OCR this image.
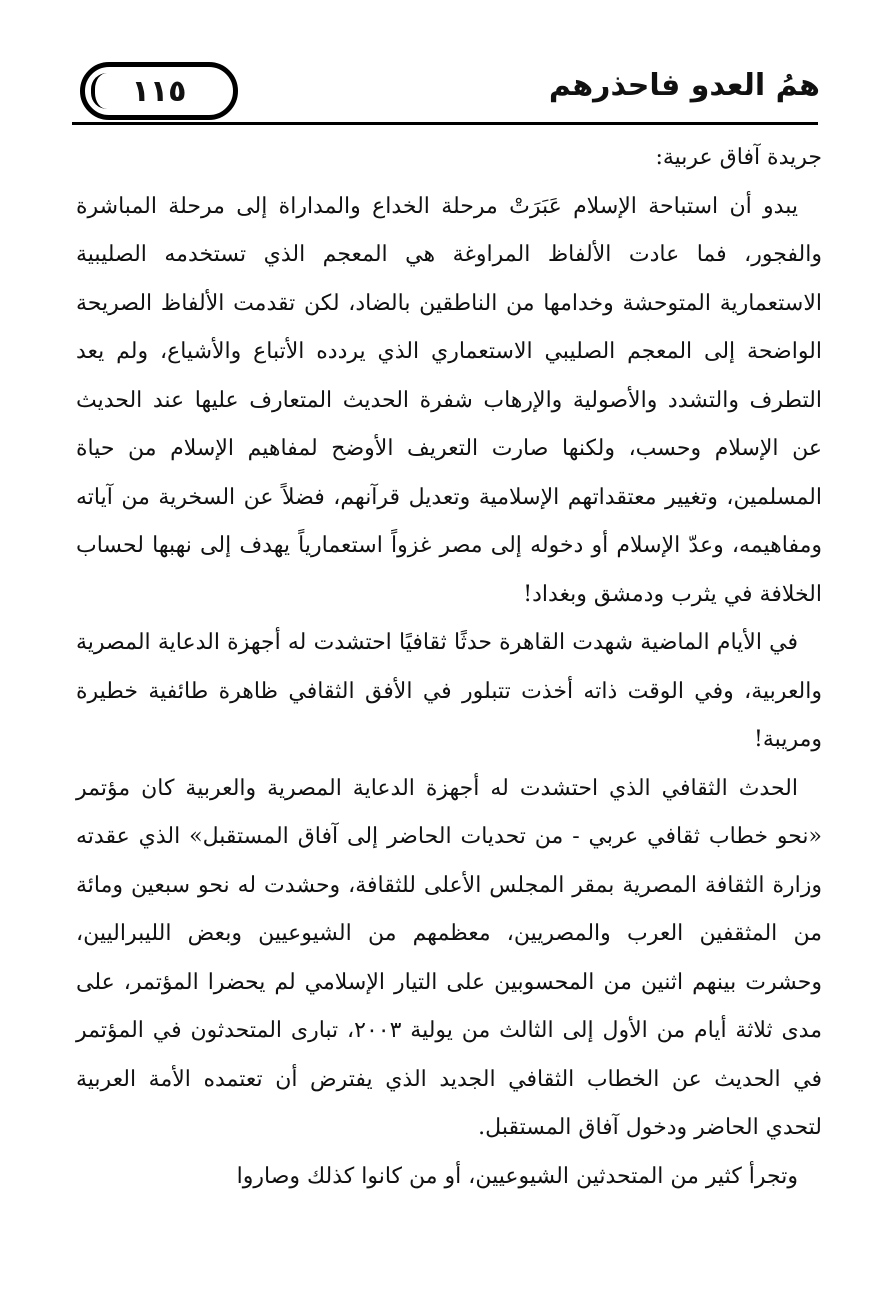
١١٥	همُ العدو فاحذرهم

جريدة آفاق عربية:

يبدو أن استباحة الإسلام عَبَرَتْ مرحلة الخداع والمداراة إلى مرحلة المباشرة والفجور، فما عادت الألفاظ المراوغة هي المعجم الذي تستخدمه الصليبية الاستعمارية المتوحشة وخدامها من الناطقين بالضاد، لكن تقدمت الألفاظ الصريحة الواضحة إلى المعجم الصليبي الاستعماري الذي يردده الأتباع والأشياع، ولم يعد التطرف والتشدد والأصولية والإرهاب شفرة الحديث المتعارف عليها عند الحديث عن الإسلام وحسب، ولكنها صارت التعريف الأوضح لمفاهيم الإسلام من حياة المسلمين، وتغيير معتقداتهم الإسلامية وتعديل قرآنهم، فضلاً عن السخرية من آياته ومفاهيمه، وعدّ الإسلام أو دخوله إلى مصر غزواً استعمارياً يهدف إلى نهبها لحساب الخلافة في يثرب ودمشق وبغداد!

في الأيام الماضية شهدت القاهرة حدثًا ثقافيًا احتشدت له أجهزة الدعاية المصرية والعربية، وفي الوقت ذاته أخذت تتبلور في الأفق الثقافي ظاهرة طائفية خطيرة ومريبة!

الحدث الثقافي الذي احتشدت له أجهزة الدعاية المصرية والعربية كان مؤتمر «نحو خطاب ثقافي عربي - من تحديات الحاضر إلى آفاق المستقبل» الذي عقدته وزارة الثقافة المصرية بمقر المجلس الأعلى للثقافة، وحشدت له نحو سبعين ومائة من المثقفين العرب والمصريين، معظمهم من الشيوعيين وبعض الليبراليين، وحشرت بينهم اثنين من المحسوبين على التيار الإسلامي لم يحضرا المؤتمر، على مدى ثلاثة أيام من الأول إلى الثالث من يولية ٢٠٠٣، تبارى المتحدثون في المؤتمر في الحديث عن الخطاب الثقافي الجديد الذي يفترض أن تعتمده الأمة العربية لتحدي الحاضر ودخول آفاق المستقبل.

وتجرأ كثير من المتحدثين الشيوعيين، أو من كانوا كذلك وصاروا
